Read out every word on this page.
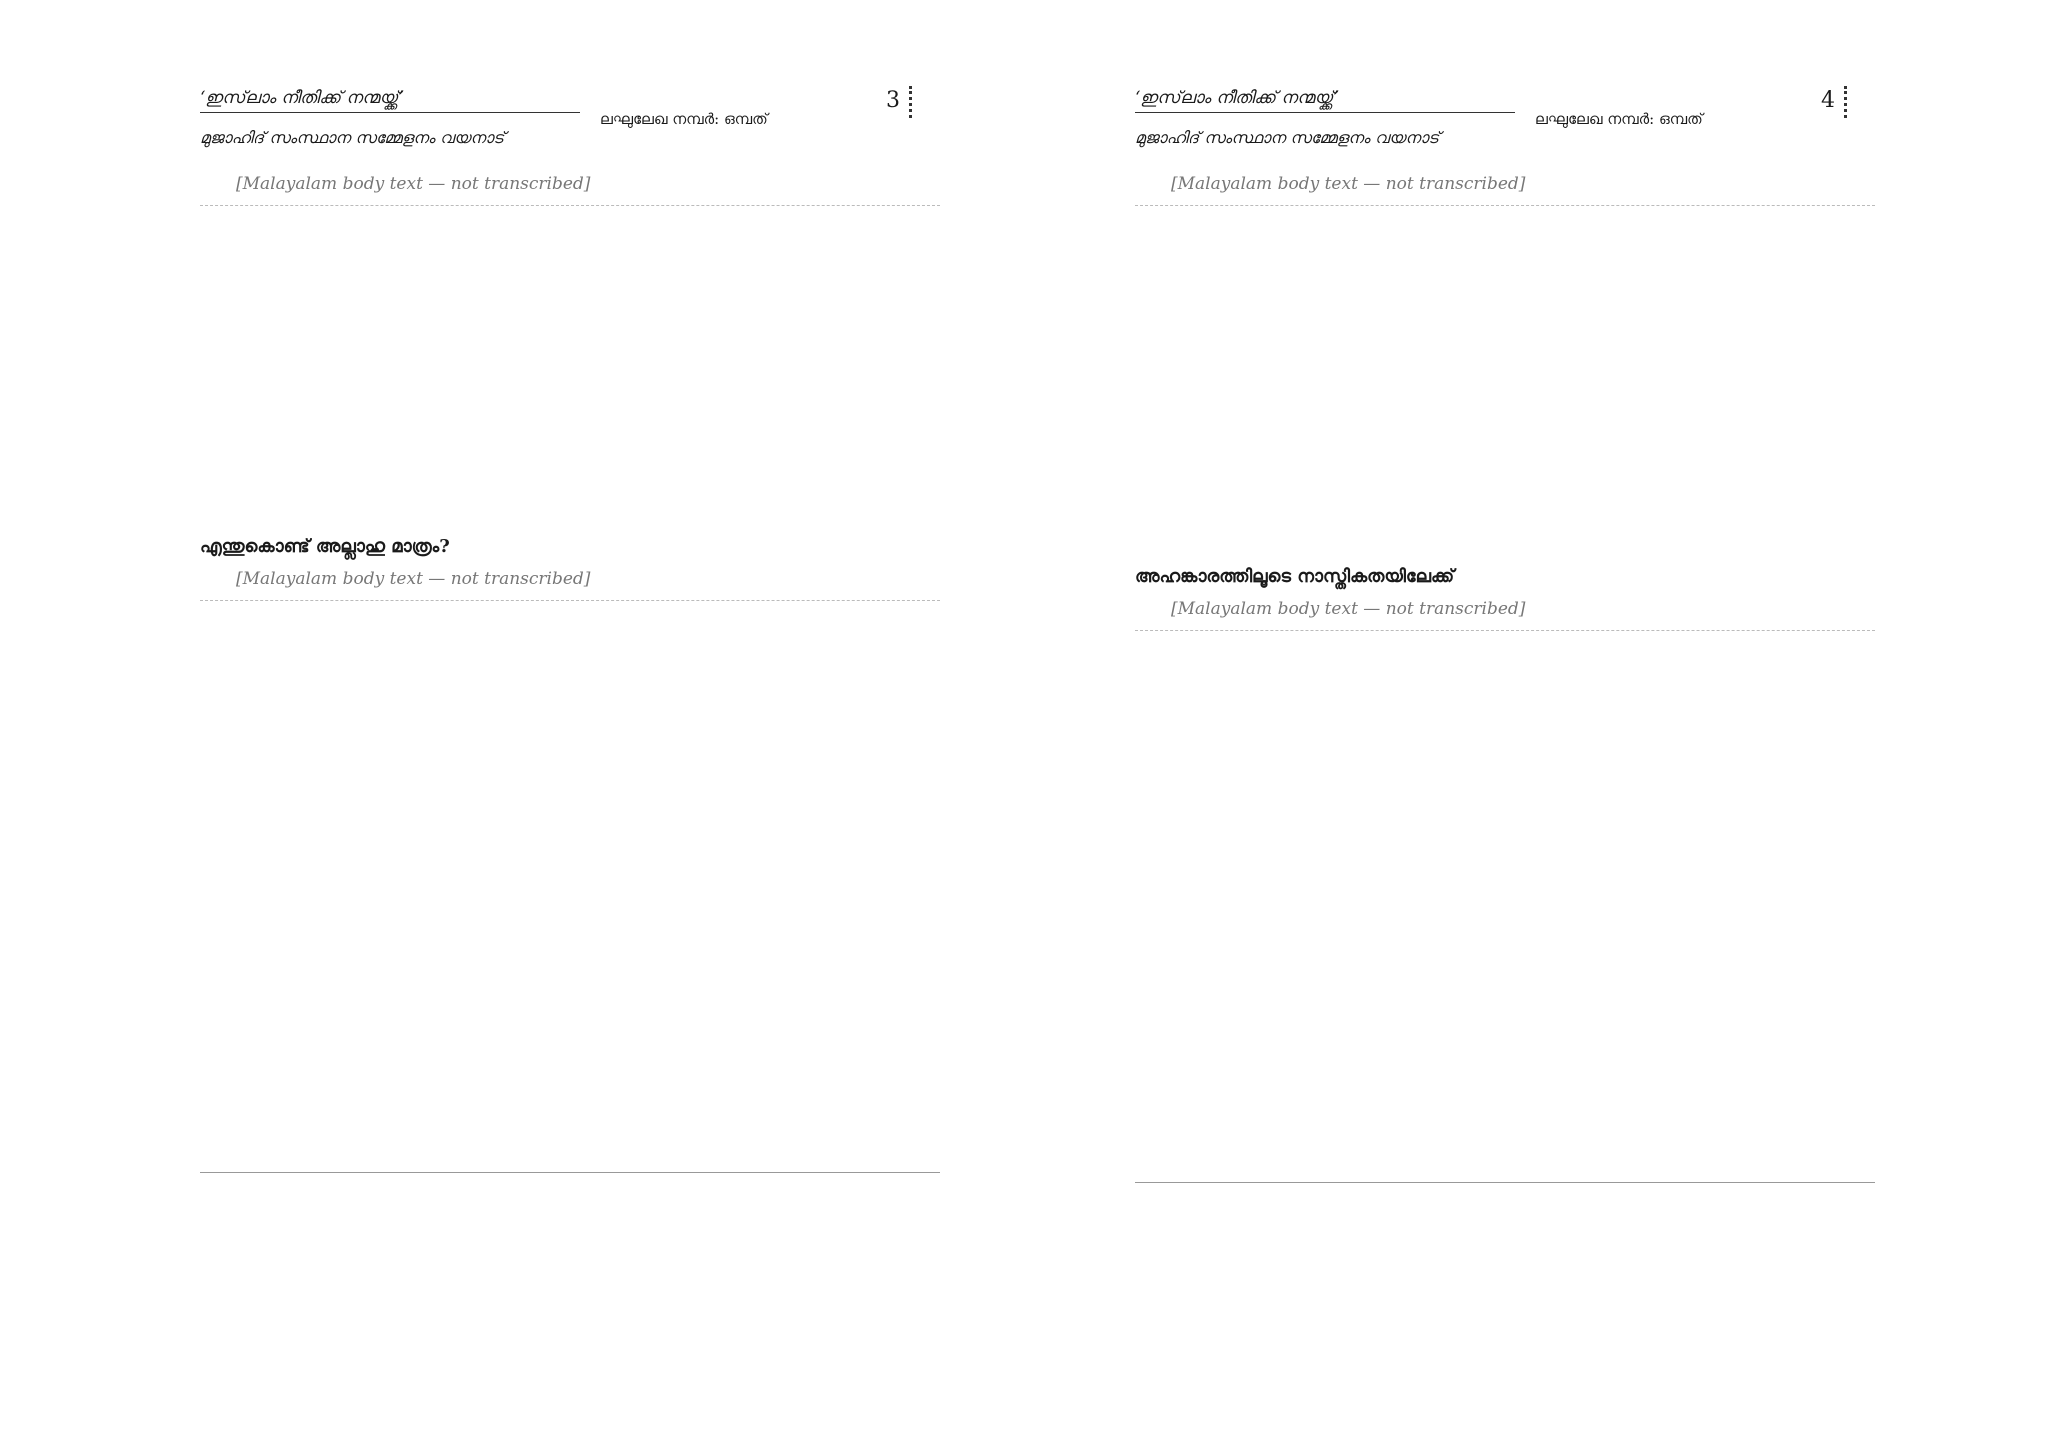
‘ഇസ്‌ലാം നീതിക്ക് നന്മയ്ക്ക്’
മുജാഹിദ് സംസ്ഥാന സമ്മേളനം വയനാട്
ലഘുലേഖ നമ്പർ: ഒമ്പത്
3

[Malayalam body text — not transcribed]

എന്തുകൊണ്ട് അല്ലാഹു മാത്രം?

[Malayalam body text — not transcribed]

‘ഇസ്‌ലാം നീതിക്ക് നന്മയ്ക്ക്’
മുജാഹിദ് സംസ്ഥാന സമ്മേളനം വയനാട്
ലഘുലേഖ നമ്പർ: ഒമ്പത്
4

[Malayalam body text — not transcribed]

അഹങ്കാരത്തിലൂടെ നാസ്തികതയിലേക്ക്

[Malayalam body text — not transcribed]
